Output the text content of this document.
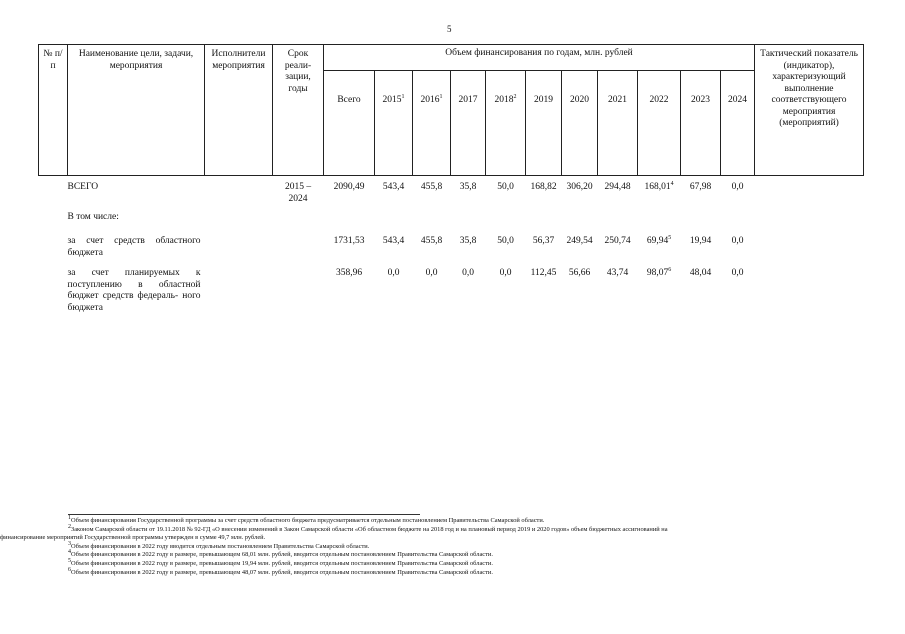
5
№ п/п	Наименование цели, задачи, мероприятия	Исполнители мероприятия	Срок реали- зации, годы	Объем финансирования по годам, млн. рублей											Тактический показатель (индикатор), характеризующий выполнение соответствующего мероприятия (мероприятий)
				Всего	2015$^1$	2016$^1$	2017	2018$^2$	2019	2020	2021	2022	2023	2024	
	ВСЕГО		2015 – 2024	2090,49	543,4	455,8	35,8	50,0	168,82	306,20	294,48	168,01$^4$	67,98	0,0	
	В том числе:														
	за счет средств областного бюджета			1731,53	543,4	455,8	35,8	50,0	56,37	249,54	250,74	69,94$^5$	19,94	0,0	
	за счет планируемых к поступлению в областной бюджет средств федераль- ного бюджета			358,96	0,0	0,0	0,0	0,0	112,45	56,66	43,74	98,07$^6$	48,04	0,0	
$^1$Объем финансирования Государственной программы за счет средств областного бюджета предусматривается отдельным постановлением Правительства Самарской области.
$^2$Законом Самарской области от 19.11.2018 № 92-ГД «О внесении изменений в Закон Самарской области «Об областном бюджете на 2018 год и на плановый период 2019 и 2020 годов» объем бюджетных ассигнований на
финансирование мероприятий Государственной программы утвержден в сумме 49,7 млн. рублей.
$^3$Объем финансирования в 2022 году вводится отдельным постановлением Правительства Самарской области.
$^4$Объем финансирования в 2022 году в размере, превышающем 68,01 млн. рублей, вводится отдельным постановлением Правительства Самарской области.
$^5$Объем финансирования в 2022 году в размере, превышающем 19,94 млн. рублей, вводится отдельным постановлением Правительства Самарской области.
$^6$Объем финансирования в 2022 году в размере, превышающем 48,07 млн. рублей, вводится отдельным постановлением Правительства Самарской области.
